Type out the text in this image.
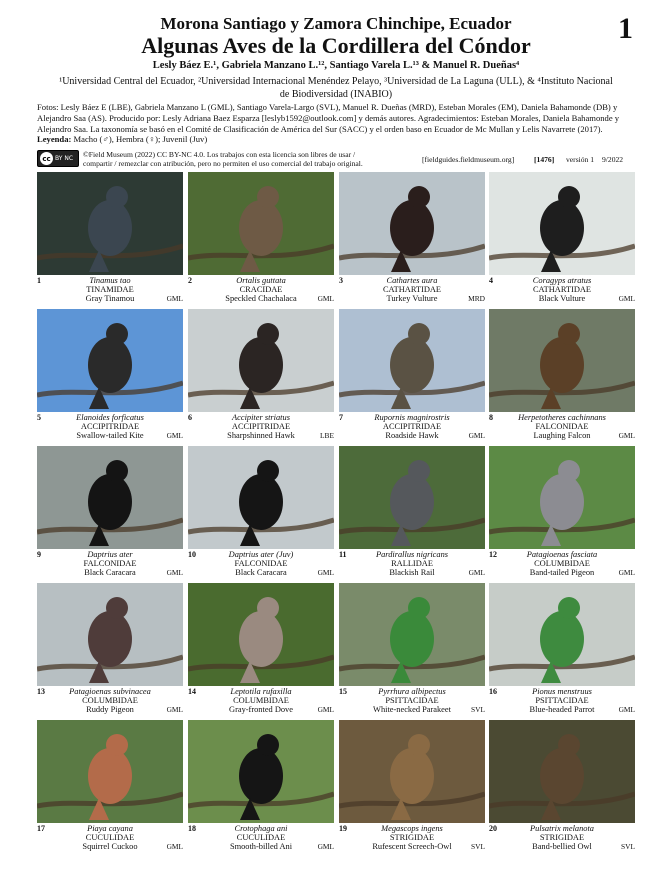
Morona Santiago y Zamora Chinchipe, Ecuador
Algunas Aves de la Cordillera del Cóndor
1
Lesly Báez E.¹, Gabriela Manzano L.¹², Santiago Varela L.¹³ & Manuel R. Dueñas⁴
¹Universidad Central del Ecuador, ²Universidad Internacional Menéndez Pelayo, ³Universidad de La Laguna (ULL), & ⁴Instituto Nacional
de Biodiversidad (INABIO)
Fotos: Lesly Báez E (LBE), Gabriela Manzano L (GML), Santiago Varela-Largo (SVL), Manuel R. Dueñas (MRD), Esteban Morales (EM), Daniela Bahamonde (DB) y Alejandro Saa (AS). Producido por: Lesly Adriana Baez Esparza [leslyb1592@outlook.com] y demás autores. Agradecimientos: Esteban Morales, Daniela Bahamonde y Alejandro Saa. La taxonomía se basó en el Comité de Clasificación de América del Sur (SACC) y el orden baso en Ecuador de Mc Mullan y Lelis Navarrete (2017). Leyenda: Macho (♂), Hembra (♀); Juvenil (Juv)
cc BY NC ©Field Museum (2022) CC BY-NC 4.0. Los trabajos con esta licencia son libres de usar /
compartir / remezclar con atribución, pero no permiten el uso comercial del trabajo original.	[fieldguides.fieldmuseum.org]	[1476] versión 1 9/2022
1	Tinamus tao
TINAMIDAE
Gray Tinamou	GML
2	Ortalis guttata
CRACIDAE
Speckled Chachalaca	GML
3	Cathartes aura
CATHARTIDAE
Turkey Vulture	MRD
4	Coragyps atratus
CATHARTIDAE
Black Vulture	GML
5	Elanoides forficatus
ACCIPITRIDAE
Swallow-tailed Kite	GML
6	Accipiter striatus
ACCIPITRIDAE
Sharpshinned Hawk	LBE
7	Rupornis magnirostris
ACCIPITRIDAE
Roadside Hawk	GML
8	Herpetotheres cachinnans
FALCONIDAE
Laughing Falcon	GML
9	Daptrius ater
FALCONIDAE
Black Caracara	GML
10	Daptrius ater (Juv)
FALCONIDAE
Black Caracara	GML
11	Pardirallus nigricans
RALLIDAE
Blackish Rail	GML
12	Patagioenas fasciata
COLUMBIDAE
Band-tailed Pigeon	GML
13	Patagioenas subvinacea
COLUMBIDAE
Ruddy Pigeon	GML
14	Leptotila rufaxilla
COLUMBIDAE
Gray-fronted Dove	GML
15	Pyrrhura albipectus
PSITTACIDAE
White-necked Parakeet	SVL
16	Pionus menstruus
PSITTACIDAE
Blue-headed Parrot	GML
17	Piaya cayana
CUCULIDAE
Squirrel Cuckoo	GML
18	Crotophaga ani
CUCULIDAE
Smooth-billed Ani	GML
19	Megascops ingens
STRIGIDAE
Rufescent Screech-Owl	SVL
20	Pulsatrix melanota
STRIGIDAE
Band-bellied Owl	SVL
